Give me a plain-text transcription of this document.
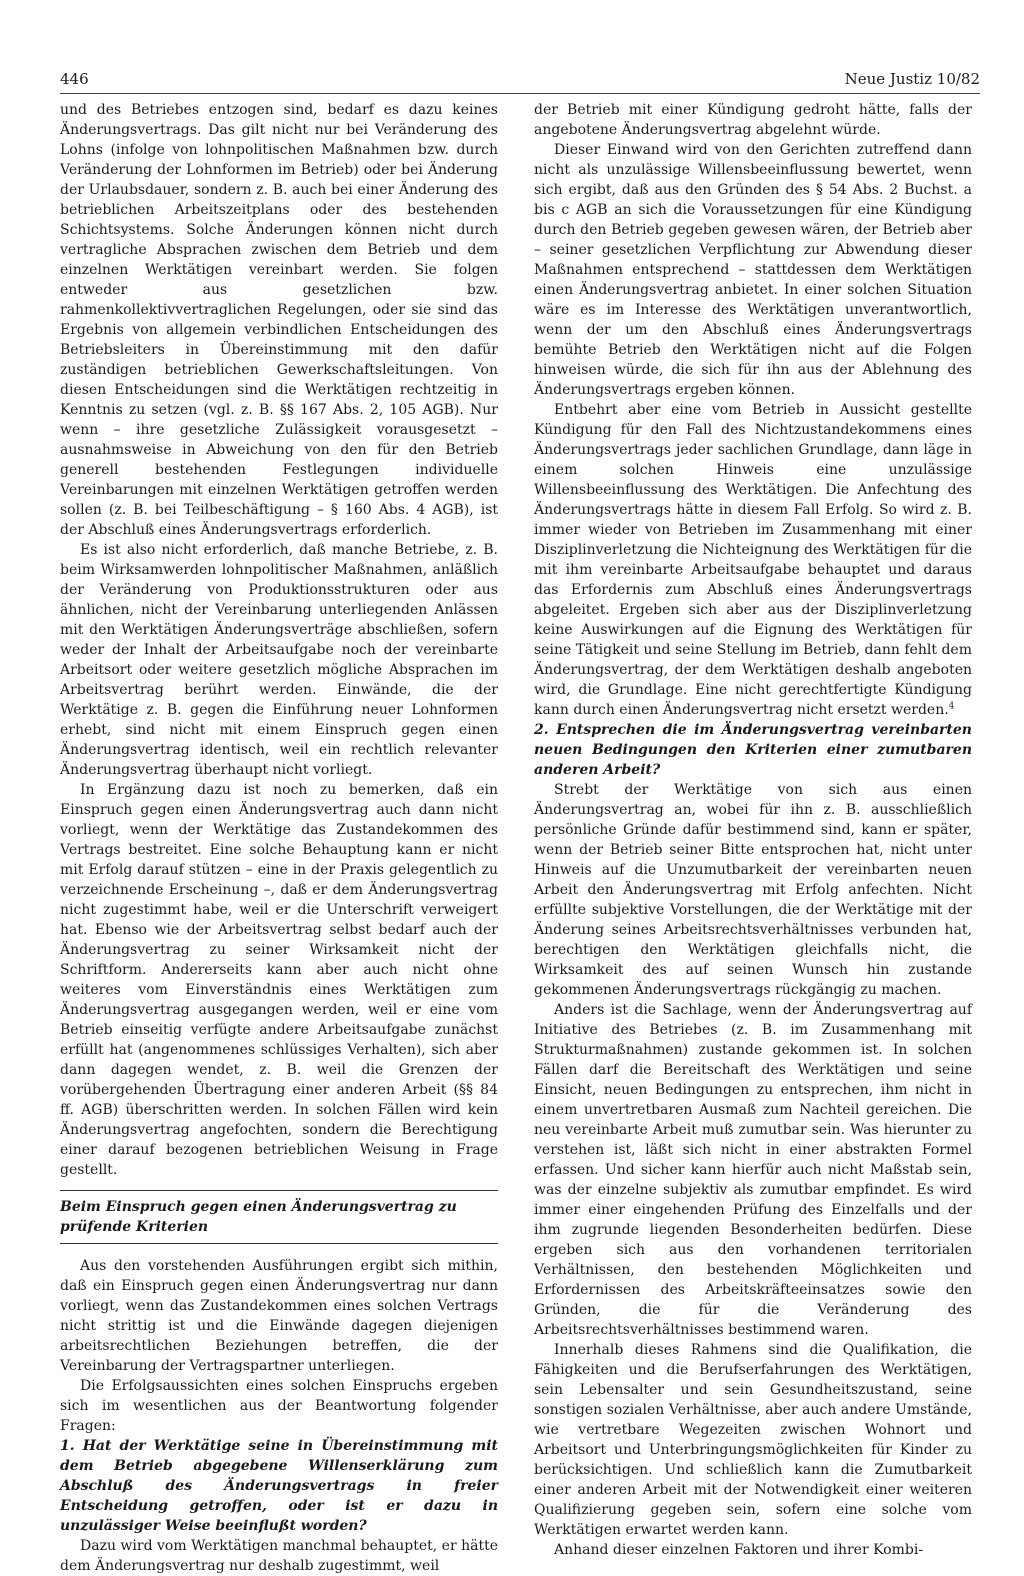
446	Neue Justiz 10/82

und des Betriebes entzogen sind, bedarf es dazu keines Änderungsvertrags. Das gilt nicht nur bei Veränderung des Lohns (infolge von lohnpolitischen Maßnahmen bzw. durch Veränderung der Lohnformen im Betrieb) oder bei Änderung der Urlaubsdauer, sondern z. B. auch bei einer Änderung des betrieblichen Arbeitszeitplans oder des bestehenden Schichtsystems. Solche Änderungen können nicht durch vertragliche Absprachen zwischen dem Betrieb und dem einzelnen Werktätigen vereinbart werden. Sie folgen entweder aus gesetzlichen bzw. rahmenkollektivvertraglichen Regelungen, oder sie sind das Ergebnis von allgemein verbindlichen Entscheidungen des Betriebsleiters in Übereinstimmung mit den dafür zuständigen betrieblichen Gewerkschaftsleitungen. Von diesen Entscheidungen sind die Werktätigen rechtzeitig in Kenntnis zu setzen (vgl. z. B. §§ 167 Abs. 2, 105 AGB). Nur wenn – ihre gesetzliche Zulässigkeit vorausgesetzt – ausnahmsweise in Abweichung von den für den Betrieb generell bestehenden Festlegungen individuelle Vereinbarungen mit einzelnen Werktätigen getroffen werden sollen (z. B. bei Teilbeschäftigung – § 160 Abs. 4 AGB), ist der Abschluß eines Änderungsvertrags erforderlich.

Es ist also nicht erforderlich, daß manche Betriebe, z. B. beim Wirksamwerden lohnpolitischer Maßnahmen, anläßlich der Veränderung von Produktionsstrukturen oder aus ähnlichen, nicht der Vereinbarung unterliegenden Anlässen mit den Werktätigen Änderungsverträge abschließen, sofern weder der Inhalt der Arbeitsaufgabe noch der vereinbarte Arbeitsort oder weitere gesetzlich mögliche Absprachen im Arbeitsvertrag berührt werden. Einwände, die der Werktätige z. B. gegen die Einführung neuer Lohnformen erhebt, sind nicht mit einem Einspruch gegen einen Änderungsvertrag identisch, weil ein rechtlich relevanter Änderungsvertrag überhaupt nicht vorliegt.

In Ergänzung dazu ist noch zu bemerken, daß ein Einspruch gegen einen Änderungsvertrag auch dann nicht vorliegt, wenn der Werktätige das Zustandekommen des Vertrags bestreitet. Eine solche Behauptung kann er nicht mit Erfolg darauf stützen – eine in der Praxis gelegentlich zu verzeichnende Erscheinung –, daß er dem Änderungsvertrag nicht zugestimmt habe, weil er die Unterschrift verweigert hat. Ebenso wie der Arbeitsvertrag selbst bedarf auch der Änderungsvertrag zu seiner Wirksamkeit nicht der Schriftform. Andererseits kann aber auch nicht ohne weiteres vom Einverständnis eines Werktätigen zum Änderungsvertrag ausgegangen werden, weil er eine vom Betrieb einseitig verfügte andere Arbeitsaufgabe zunächst erfüllt hat (angenommenes schlüssiges Verhalten), sich aber dann dagegen wendet, z. B. weil die Grenzen der vorübergehenden Übertragung einer anderen Arbeit (§§ 84 ff. AGB) überschritten werden. In solchen Fällen wird kein Änderungsvertrag angefochten, sondern die Berechtigung einer darauf bezogenen betrieblichen Weisung in Frage gestellt.

Beim Einspruch gegen einen Änderungsvertrag zu prüfende Kriterien

Aus den vorstehenden Ausführungen ergibt sich mithin, daß ein Einspruch gegen einen Änderungsvertrag nur dann vorliegt, wenn das Zustandekommen eines solchen Vertrags nicht strittig ist und die Einwände dagegen diejenigen arbeitsrechtlichen Beziehungen betreffen, die der Vereinbarung der Vertragspartner unterliegen.

Die Erfolgsaussichten eines solchen Einspruchs ergeben sich im wesentlichen aus der Beantwortung folgender Fragen:

1. Hat der Werktätige seine in Übereinstimmung mit dem Betrieb abgegebene Willenserklärung zum Abschluß des Änderungsvertrags in freier Entscheidung getroffen, oder ist er dazu in unzulässiger Weise beeinflußt worden?

Dazu wird vom Werktätigen manchmal behauptet, er hätte dem Änderungsvertrag nur deshalb zugestimmt, weil

der Betrieb mit einer Kündigung gedroht hätte, falls der angebotene Änderungsvertrag abgelehnt würde.

Dieser Einwand wird von den Gerichten zutreffend dann nicht als unzulässige Willensbeeinflussung bewertet, wenn sich ergibt, daß aus den Gründen des § 54 Abs. 2 Buchst. a bis c AGB an sich die Voraussetzungen für eine Kündigung durch den Betrieb gegeben gewesen wären, der Betrieb aber – seiner gesetzlichen Verpflichtung zur Abwendung dieser Maßnahmen entsprechend – stattdessen dem Werktätigen einen Änderungsvertrag anbietet. In einer solchen Situation wäre es im Interesse des Werktätigen unverantwortlich, wenn der um den Abschluß eines Änderungsvertrags bemühte Betrieb den Werktätigen nicht auf die Folgen hinweisen würde, die sich für ihn aus der Ablehnung des Änderungsvertrags ergeben können.

Entbehrt aber eine vom Betrieb in Aussicht gestellte Kündigung für den Fall des Nichtzustandekommens eines Änderungsvertrags jeder sachlichen Grundlage, dann läge in einem solchen Hinweis eine unzulässige Willensbeeinflussung des Werktätigen. Die Anfechtung des Änderungsvertrags hätte in diesem Fall Erfolg. So wird z. B. immer wieder von Betrieben im Zusammenhang mit einer Disziplinverletzung die Nichteignung des Werktätigen für die mit ihm vereinbarte Arbeitsaufgabe behauptet und daraus das Erfordernis zum Abschluß eines Änderungsvertrags abgeleitet. Ergeben sich aber aus der Disziplinverletzung keine Auswirkungen auf die Eignung des Werktätigen für seine Tätigkeit und seine Stellung im Betrieb, dann fehlt dem Änderungsvertrag, der dem Werktätigen deshalb angeboten wird, die Grundlage. Eine nicht gerechtfertigte Kündigung kann durch einen Änderungsvertrag nicht ersetzt werden.$^4$

2. Entsprechen die im Änderungsvertrag vereinbarten neuen Bedingungen den Kriterien einer zumutbaren anderen Arbeit?

Strebt der Werktätige von sich aus einen Änderungsvertrag an, wobei für ihn z. B. ausschließlich persönliche Gründe dafür bestimmend sind, kann er später, wenn der Betrieb seiner Bitte entsprochen hat, nicht unter Hinweis auf die Unzumutbarkeit der vereinbarten neuen Arbeit den Änderungsvertrag mit Erfolg anfechten. Nicht erfüllte subjektive Vorstellungen, die der Werktätige mit der Änderung seines Arbeitsrechtsverhältnisses verbunden hat, berechtigen den Werktätigen gleichfalls nicht, die Wirksamkeit des auf seinen Wunsch hin zustande gekommenen Änderungsvertrags rückgängig zu machen.

Anders ist die Sachlage, wenn der Änderungsvertrag auf Initiative des Betriebes (z. B. im Zusammenhang mit Strukturmaßnahmen) zustande gekommen ist. In solchen Fällen darf die Bereitschaft des Werktätigen und seine Einsicht, neuen Bedingungen zu entsprechen, ihm nicht in einem unvertretbaren Ausmaß zum Nachteil gereichen. Die neu vereinbarte Arbeit muß zumutbar sein. Was hierunter zu verstehen ist, läßt sich nicht in einer abstrakten Formel erfassen. Und sicher kann hierfür auch nicht Maßstab sein, was der einzelne subjektiv als zumutbar empfindet. Es wird immer einer eingehenden Prüfung des Einzelfalls und der ihm zugrunde liegenden Besonderheiten bedürfen. Diese ergeben sich aus den vorhandenen territorialen Verhältnissen, den bestehenden Möglichkeiten und Erfordernissen des Arbeitskräfteeinsatzes sowie den Gründen, die für die Veränderung des Arbeitsrechtsverhältnisses bestimmend waren.

Innerhalb dieses Rahmens sind die Qualifikation, die Fähigkeiten und die Berufserfahrungen des Werktätigen, sein Lebensalter und sein Gesundheitszustand, seine sonstigen sozialen Verhältnisse, aber auch andere Umstände, wie vertretbare Wegezeiten zwischen Wohnort und Arbeitsort und Unterbringungsmöglichkeiten für Kinder zu berücksichtigen. Und schließlich kann die Zumutbarkeit einer anderen Arbeit mit der Notwendigkeit einer weiteren Qualifizierung gegeben sein, sofern eine solche vom Werktätigen erwartet werden kann.

Anhand dieser einzelnen Faktoren und ihrer Kombi-
